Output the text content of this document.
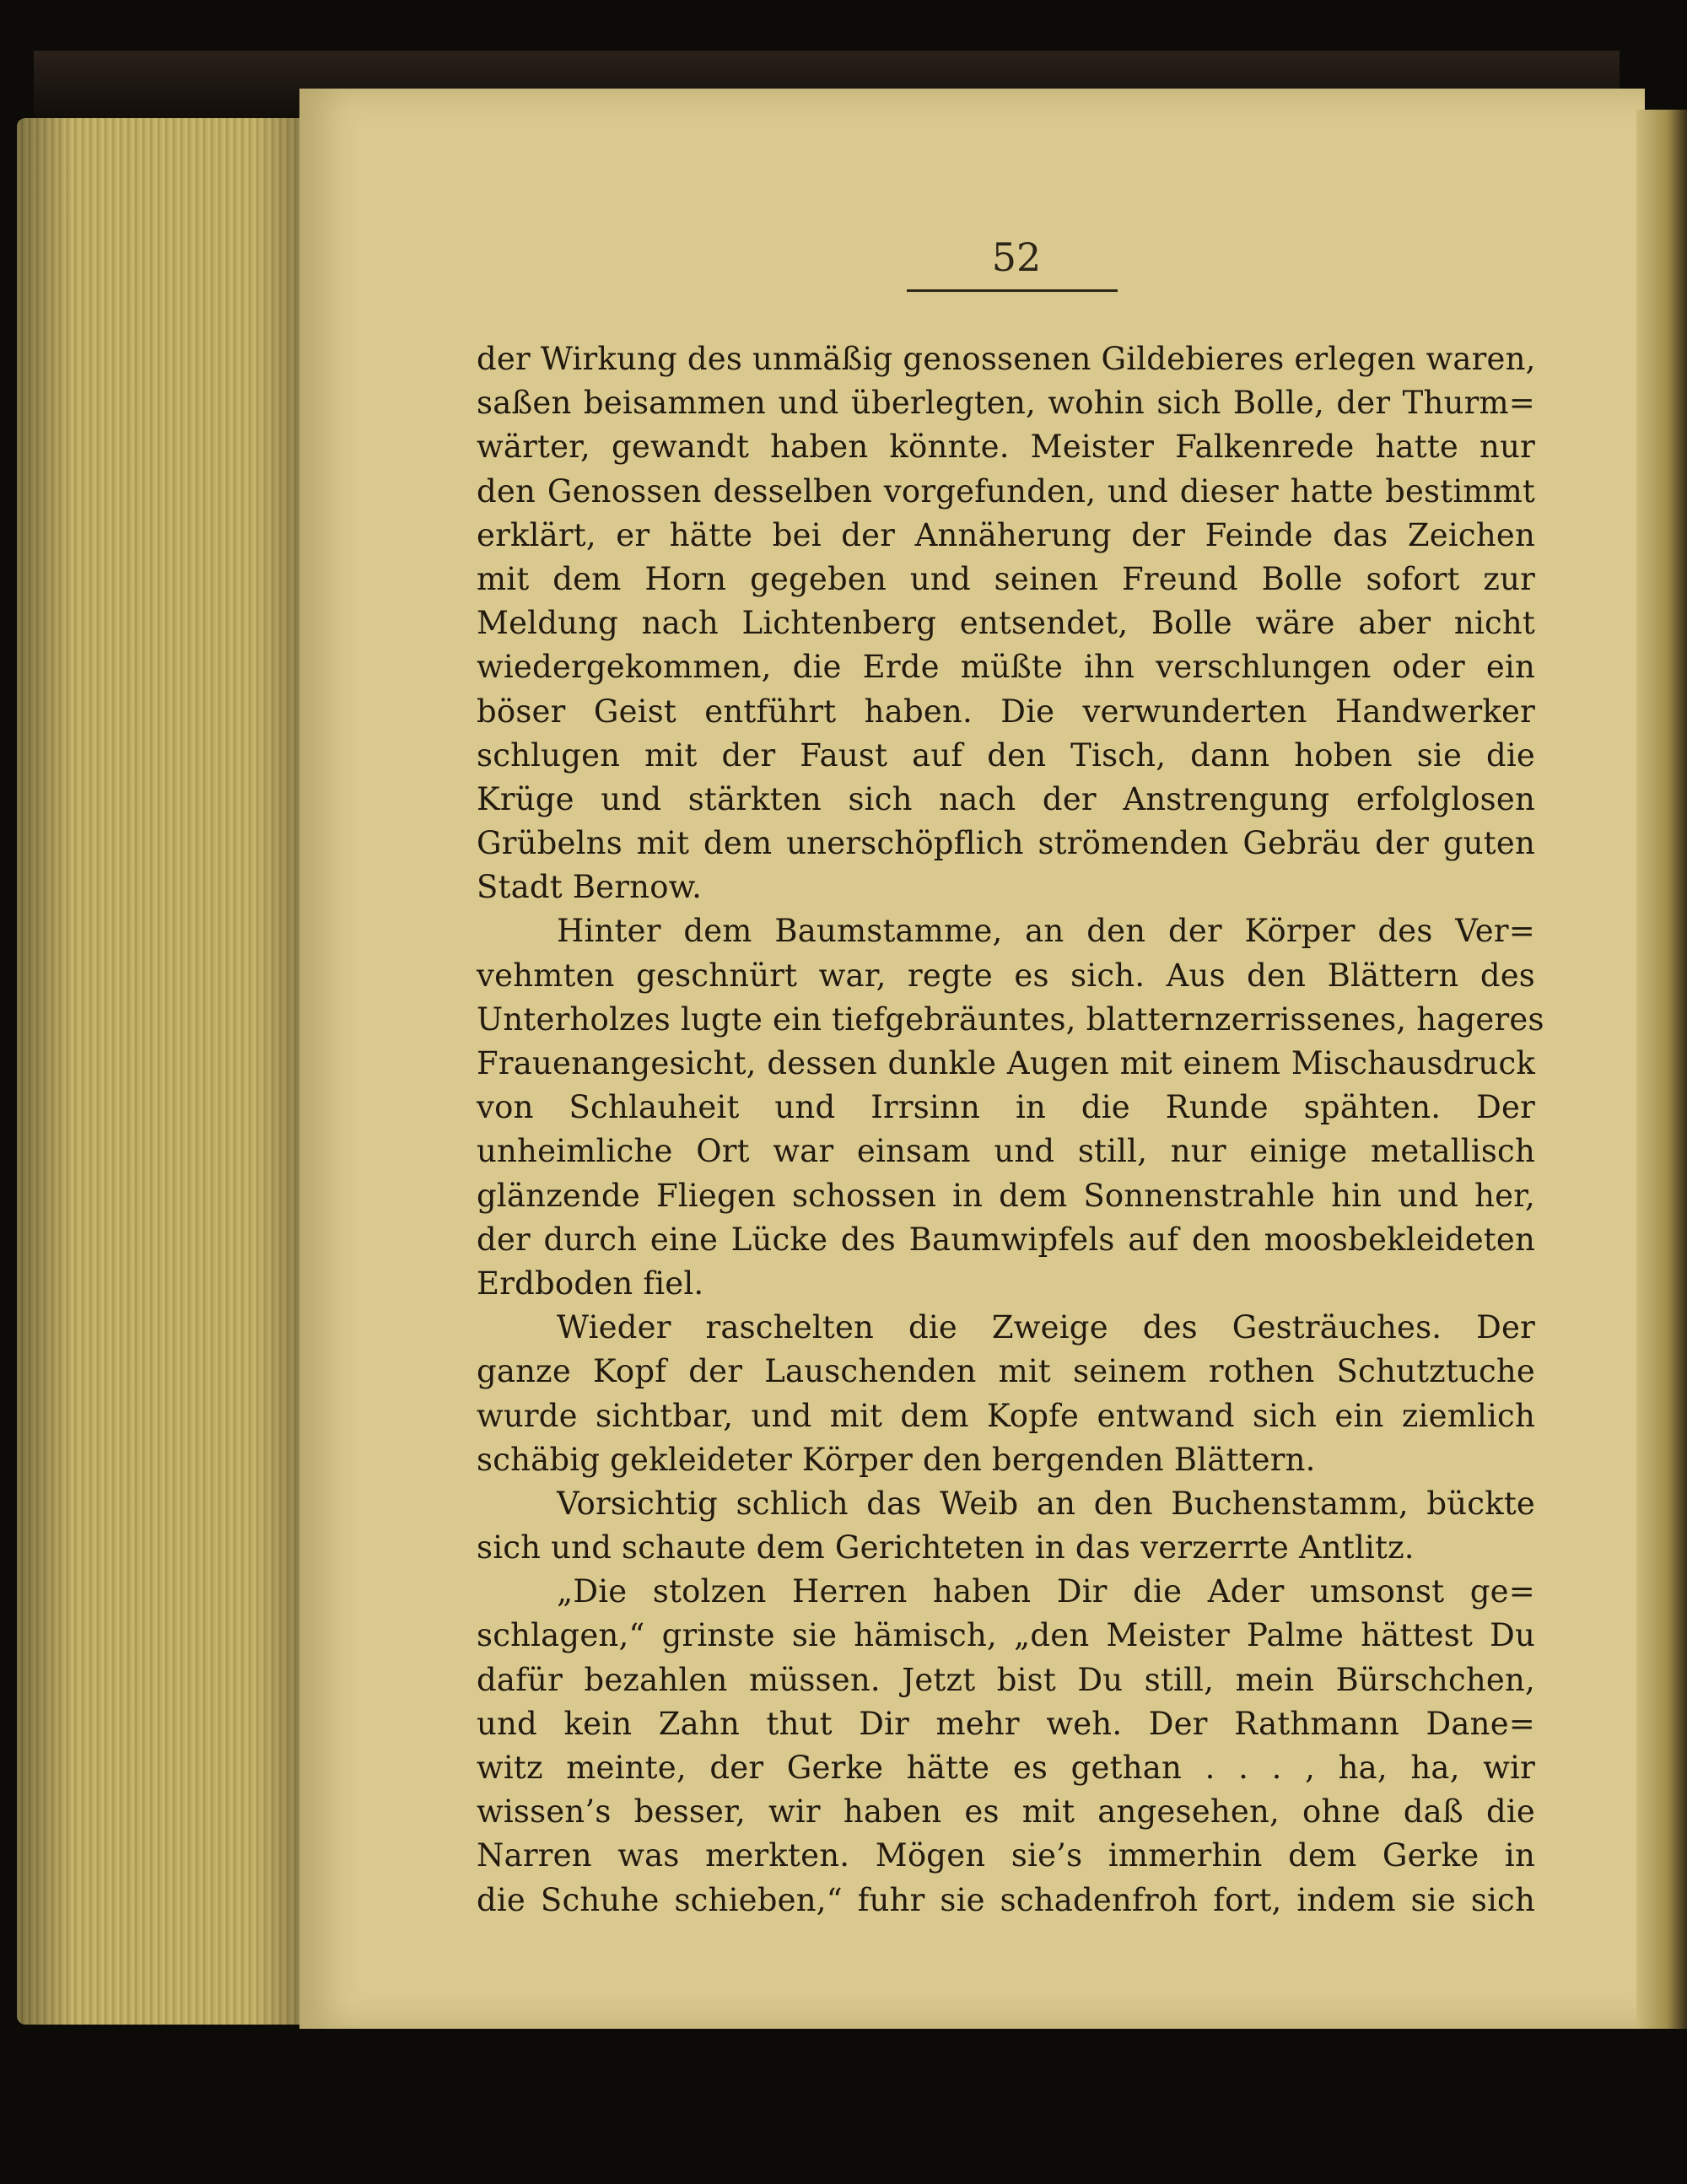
52
der Wirkung des unmäßig genossenen Gildebieres erlegen waren,
saßen beisammen und überlegten, wohin sich Bolle, der Thurm=
wärter, gewandt haben könnte. Meister Falkenrede hatte nur
den Genossen desselben vorgefunden, und dieser hatte bestimmt
erklärt, er hätte bei der Annäherung der Feinde das Zeichen
mit dem Horn gegeben und seinen Freund Bolle sofort zur
Meldung nach Lichtenberg entsendet, Bolle wäre aber nicht
wiedergekommen, die Erde müßte ihn verschlungen oder ein
böser Geist entführt haben. Die verwunderten Handwerker
schlugen mit der Faust auf den Tisch, dann hoben sie die
Krüge und stärkten sich nach der Anstrengung erfolglosen
Grübelns mit dem unerschöpflich strömenden Gebräu der guten
Stadt Bernow.
Hinter dem Baumstamme, an den der Körper des Ver=
vehmten geschnürt war, regte es sich. Aus den Blättern des
Unterholzes lugte ein tiefgebräuntes, blatternzerrissenes, hageres
Frauenangesicht, dessen dunkle Augen mit einem Mischausdruck
von Schlauheit und Irrsinn in die Runde spähten. Der
unheimliche Ort war einsam und still, nur einige metallisch
glänzende Fliegen schossen in dem Sonnenstrahle hin und her,
der durch eine Lücke des Baumwipfels auf den moosbekleideten
Erdboden fiel.
Wieder raschelten die Zweige des Gesträuches. Der
ganze Kopf der Lauschenden mit seinem rothen Schutztuche
wurde sichtbar, und mit dem Kopfe entwand sich ein ziemlich
schäbig gekleideter Körper den bergenden Blättern.
Vorsichtig schlich das Weib an den Buchenstamm, bückte
sich und schaute dem Gerichteten in das verzerrte Antlitz.
„Die stolzen Herren haben Dir die Ader umsonst ge=
schlagen,“ grinste sie hämisch, „den Meister Palme hättest Du
dafür bezahlen müssen. Jetzt bist Du still, mein Bürschchen,
und kein Zahn thut Dir mehr weh. Der Rathmann Dane=
witz meinte, der Gerke hätte es gethan . . . , ha, ha, wir
wissen’s besser, wir haben es mit angesehen, ohne daß die
Narren was merkten. Mögen sie’s immerhin dem Gerke in
die Schuhe schieben,“ fuhr sie schadenfroh fort, indem sie sich
